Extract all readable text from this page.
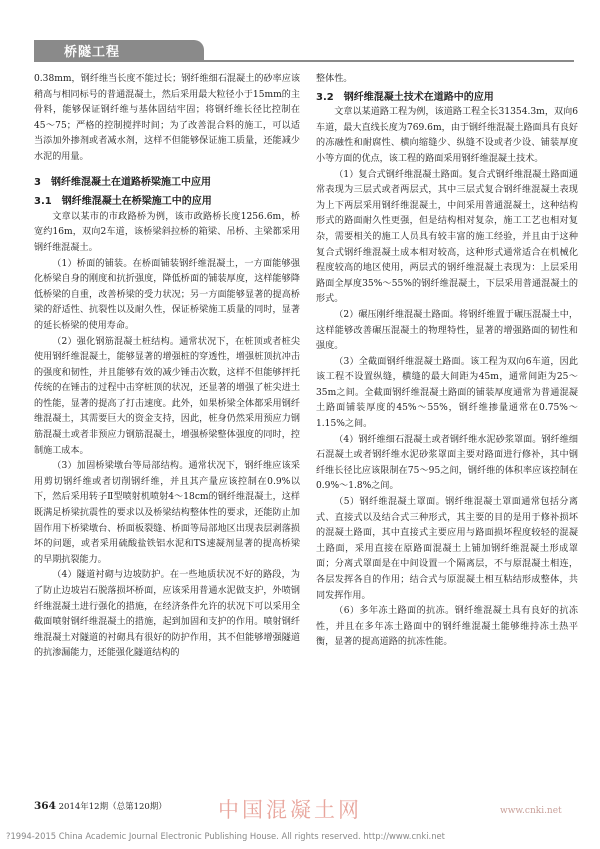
桥隧工程

0.38mm，钢纤维当长度不能过长；钢纤维细石混凝土的砂率应该稍高与相同标号的普通混凝土，然后采用最大粒径小于15mm的主骨料，能够保证钢纤维与基体固结牢固；将钢纤维长径比控制在45～75；严格的控制搅拌时间；为了改善混合料的施工，可以适当添加外掺剂或者减水剂，这样不但能够保证施工质量，还能减少水泥的用量。

3　钢纤维混凝土在道路桥梁施工中应用

3.1　钢纤维混凝土在桥梁施工中的应用

文章以某市的市政路桥为例，该市政路桥长度1256.6m，桥宽约16m，双向2车道，该桥梁斜拉桥的箱梁、吊桥、主梁都采用钢纤维混凝土。

（1）桥面的铺装。在桥面铺装钢纤维混凝土，一方面能够强化桥梁自身的刚度和抗折强度，降低桥面的铺装厚度，这样能够降低桥梁的自重，改善桥梁的受力状况；另一方面能够显著的提高桥梁的舒适性、抗裂性以及耐久性，保证桥梁施工质量的同时，显著的延长桥梁的使用寿命。

（2）强化钢筋混凝土桩结构。通常状况下，在桩顶或者桩尖使用钢纤维混凝土，能够显著的增强桩的穿透性，增强桩顶抗冲击的强度和韧性，并且能够有效的减少锤击次数，这样不但能够抨托传统的在锤击的过程中击穿桩顶的状况，还显著的增强了桩尖进土的性能，显著的提高了打击速度。此外，如果桥梁全体都采用钢纤维混凝土，其需要巨大的资金支持，因此，桩身仍然采用预应力钢筋混凝土或者非预应力钢筋混凝土，增强桥梁整体强度的同时，控制施工成本。

（3）加固桥梁墩台等局部结构。通常状况下，钢纤维应该采用剪切钢纤维或者切削钢纤维，并且其产量应该控制在0.9%以下，然后采用转子Ⅱ型喷射机喷射4～18cm的钢纤维混凝土，这样既满足桥梁抗震性的要求以及桥梁结构整体性的要求，还能防止加固作用下桥梁墩台、桥面板裂缝、桥面等局部地区出现表层剥落损坏的问题，或者采用硫酸盐铁铝水泥和TS速凝剂显著的提高桥梁的早期抗裂能力。

（4）隧道衬砌与边坡防护。在一些地质状况不好的路段，为了防止边坡岩石脱落损坏桥面，应该采用普通水泥做支护，外喷钢纤维混凝土进行强化的措施，在经济条件允许的状况下可以采用全截面喷射钢纤维混凝土的措施，起到加固和支护的作用。喷射钢纤维混凝土对隧道的衬砌具有很好的防护作用，其不但能够增强隧道的抗渗漏能力，还能强化隧道结构的

整体性。

3.2　钢纤维混凝土技术在道路中的应用

文章以某道路工程为例，该道路工程全长31354.3m，双向6车道，最大直线长度为769.6m，由于钢纤维混凝土路面具有良好的冻融性和耐腐性、横向缩缝少、纵缝不设或者少设、铺装厚度小等方面的优点，该工程的路面采用钢纤维混凝土技术。

（1）复合式钢纤维混凝土路面。复合式钢纤维混凝土路面通常表现为三层式或者两层式，其中三层式复合钢纤维混凝土表现为上下两层采用钢纤维混凝土，中间采用普通混凝土，这种结构形式的路面耐久性更强，但是结构相对复杂，施工工艺也相对复杂，需要相关的施工人员具有较丰富的施工经验，并且由于这种复合式钢纤维混凝土成本相对较高，这种形式通常适合在机械化程度较高的地区使用，两层式的钢纤维混凝土表现为：上层采用路面全厚度35%～55%的钢纤维混凝土，下层采用普通混凝土的形式。

（2）碾压刚纤维混凝土路面。将钢纤维置于碾压混凝土中，这样能够改善碾压混凝土的物理特性，显著的增强路面的韧性和强度。

（3）全截面钢纤维混凝土路面。该工程为双向6车道，因此该工程不设置纵缝，横缝的最大间距为45m，通常间距为25～35m之间。全截面钢纤维混凝土路面的铺装厚度通常为普通混凝土路面铺装厚度的45%～55%，钢纤维掺量通常在0.75%～1.15%之间。

（4）钢纤维细石混凝土或者钢纤维水泥砂浆罩面。钢纤维细石混凝土或者钢纤维水泥砂浆罩面主要对路面进行修补，其中钢纤维长径比应该限制在75～95之间，钢纤维的体积率应该控制在0.9%～1.8%之间。

（5）钢纤维混凝土罩面。钢纤维混凝土罩面通常包括分离式、直接式以及结合式三种形式，其主要的目的是用于修补损坏的混凝土路面，其中直接式主要应用与路面损坏程度较轻的混凝土路面，采用直接在原路面混凝土上铺加钢纤维混凝土形成罩面；分离式罩面是在中间设置一个隔离层，不与原混凝土相连，各层发挥各自的作用；结合式与原混凝土相互粘结形成整体，共同发挥作用。

（6）多年冻土路面的抗冻。钢纤维混凝土具有良好的抗冻性，并且在多年冻土路面中的钢纤维混凝土能够维持冻土热平衡，显著的提高道路的抗冻性能。

364 2014年12期（总第120期） 中国混凝土网	www.cnki.net
?1994-2015 China Academic Journal Electronic Publishing House. All rights reserved. http://www.cnki.net
